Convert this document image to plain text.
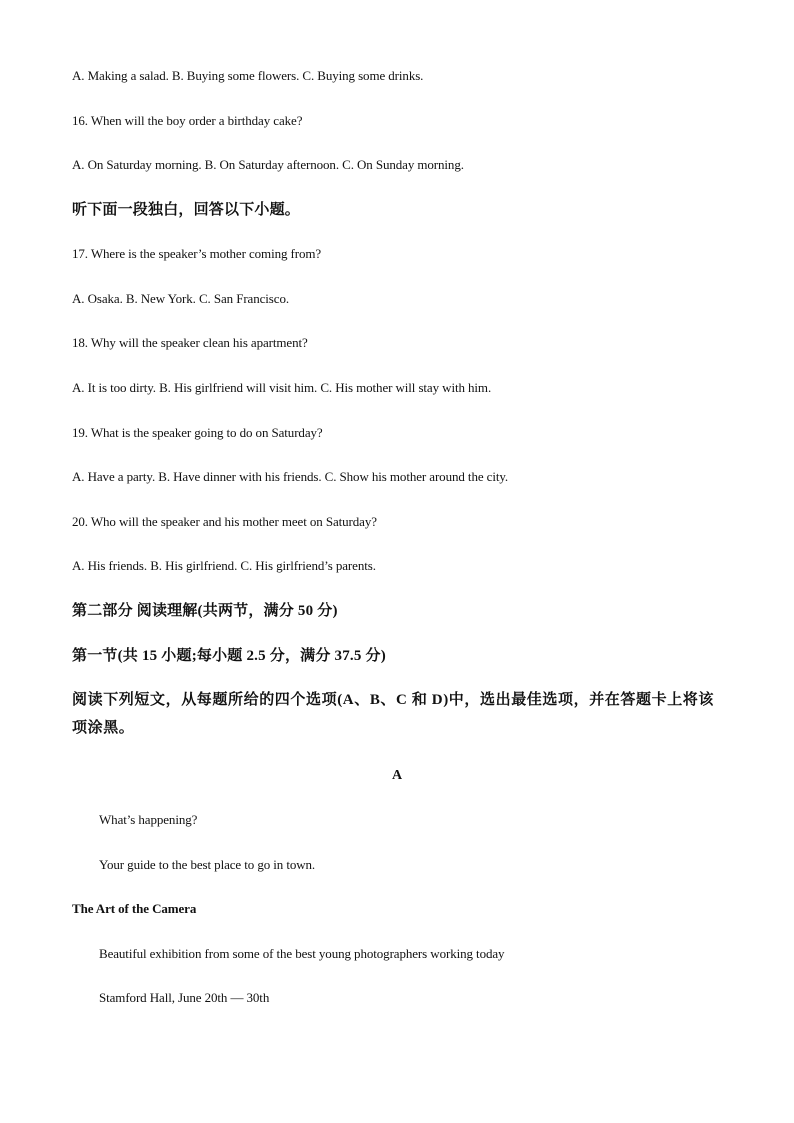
A. Making a salad. B. Buying some flowers. C. Buying some drinks.
16. When will the boy order a birthday cake?
A. On Saturday morning. B. On Saturday afternoon. C. On Sunday morning.
听下面一段独白，回答以下小题。
17. Where is the speaker’s mother coming from?
A. Osaka. B. New York. C. San Francisco.
18. Why will the speaker clean his apartment?
A. It is too dirty. B. His girlfriend will visit him. C. His mother will stay with him.
19. What is the speaker going to do on Saturday?
A. Have a party. B. Have dinner with his friends. C. Show his mother around the city.
20. Who will the speaker and his mother meet on Saturday?
A. His friends. B. His girlfriend. C. His girlfriend’s parents.
第二部分 阅读理解(共两节，满分 50 分)
第一节(共 15 小题;每小题 2.5 分，满分 37.5 分)
阅读下列短文，从每题所给的四个选项(A、B、C 和 D)中，选出最佳选项，并在答题卡上将该项涂黑。
A
What’s happening?
Your guide to the best place to go in town.
The Art of the Camera
Beautiful exhibition from some of the best young photographers working today
Stamford Hall, June 20th — 30th
